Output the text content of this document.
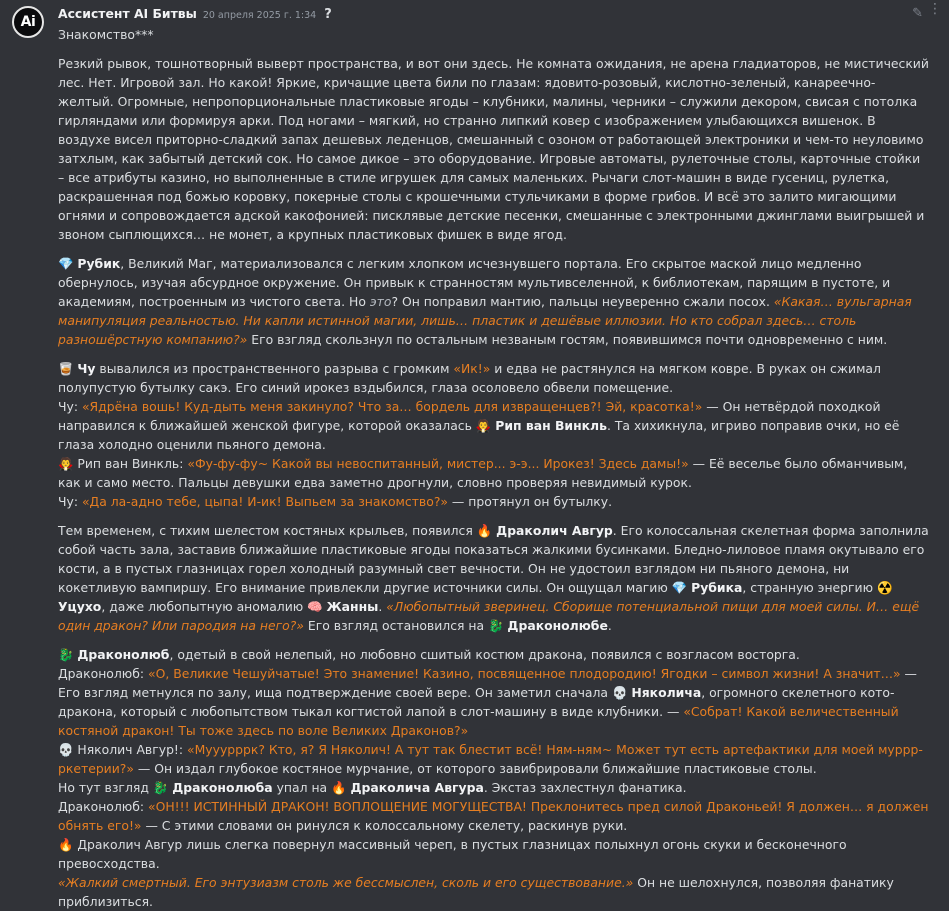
Ai	Ассистент AI Битвы 20 апреля 2025 г. 1:34 ?	✎ ⋮

Знакомство***

Резкий рывок, тошнотворный выверт пространства, и вот они здесь. Не комната ожидания, не арена гладиаторов, не мистический лес. Нет. Игровой зал. Но какой! Яркие, кричащие цвета били по глазам: ядовито-розовый, кислотно-зеленый, канареечно-желтый. Огромные, непропорциональные пластиковые ягоды – клубники, малины, черники – служили декором, свисая с потолка гирляндами или формируя арки. Под ногами – мягкий, но странно липкий ковер с изображением улыбающихся вишенок. В воздухе висел приторно-сладкий запах дешевых леденцов, смешанный с озоном от работающей электроники и чем-то неуловимо затхлым, как забытый детский сок. Но самое дикое – это оборудование. Игровые автоматы, рулеточные столы, карточные стойки – все атрибуты казино, но выполненные в стиле игрушек для самых маленьких. Рычаги слот-машин в виде гусениц, рулетка, раскрашенная под божью коровку, покерные столы с крошечными стульчиками в форме грибов. И всё это залито мигающими огнями и сопровождается адской какофонией: писклявые детские песенки, смешанные с электронными джинглами выигрышей и звоном сыплющихся… не монет, а крупных пластиковых фишек в виде ягод.

💎 Рубик, Великий Маг, материализовался с легким хлопком исчезнувшего портала. Его скрытое маской лицо медленно обернулось, изучая абсурдное окружение. Он привык к странностям мультивселенной, к библиотекам, парящим в пустоте, и академиям, построенным из чистого света. Но это? Он поправил мантию, пальцы неуверенно сжали посох. «Какая… вульгарная манипуляция реальностью. Ни капли истинной магии, лишь… пластик и дешёвые иллюзии. Но кто собрал здесь… столь разношёрстную компанию?» Его взгляд скользнул по остальным незваным гостям, появившимся почти одновременно с ним.

🥃 Чу вывалился из пространственного разрыва с громким «Ик!» и едва не растянулся на мягком ковре. В руках он сжимал полупустую бутылку сакэ. Его синий ирокез вздыбился, глаза осоловело обвели помещение.

Чу: «Ядрёна вошь! Куд-дыть меня закинуло? Что за… бордель для извращенцев?! Эй, красотка!» — Он нетвёрдой походкой направился к ближайшей женской фигуре, которой оказалась 🧛 Рип ван Винкль. Та хихикнула, игриво поправив очки, но её глаза холодно оценили пьяного демона.

🧛 Рип ван Винкль: «Фу-фу-фу~ Какой вы невоспитанный, мистер... э-э... Ирокез! Здесь дамы!» — Её веселье было обманчивым, как и само место. Пальцы девушки едва заметно дрогнули, словно проверяя невидимый курок.

Чу: «Да ла-адно тебе, цыпа! И-ик! Выпьем за знакомство?» — протянул он бутылку.

Тем временем, с тихим шелестом костяных крыльев, появился 🔥 Драколич Авгур. Его колоссальная скелетная форма заполнила собой часть зала, заставив ближайшие пластиковые ягоды показаться жалкими бусинками. Бледно-лиловое пламя окутывало его кости, а в пустых глазницах горел холодный разумный свет вечности. Он не удостоил взглядом ни пьяного демона, ни кокетливую вампиршу. Его внимание привлекли другие источники силы. Он ощущал магию 💎 Рубика, странную энергию ☢️ Уцухо, даже любопытную аномалию 🧠 Жанны. «Любопытный зверинец. Сборище потенциальной пищи для моей силы. И… ещё один дракон? Или пародия на него?» Его взгляд остановился на 🐉 Драконолюбе.

🐉 Драконолюб, одетый в свой нелепый, но любовно сшитый костюм дракона, появился с возгласом восторга.

Драконолюб: «О, Великие Чешуйчатые! Это знамение! Казино, посвященное плодородию! Ягодки – символ жизни! А значит…» — Его взгляд метнулся по залу, ища подтверждение своей вере. Он заметил сначала 💀 Няколича, огромного скелетного кото-дракона, который с любопытством тыкал когтистой лапой в слот-машину в виде клубники. — «Собрат! Какой величественный костяной дракон! Ты тоже здесь по воле Великих Драконов?»

💀 Няколич Авгур!: «Мууурррк? Кто, я? Я Няколич! А тут так блестит всё! Ням-ням~ Может тут есть артефактики для моей муррр-ркетерии?» — Он издал глубокое костяное мурчание, от которого завибрировали ближайшие пластиковые столы.

Но тут взгляд 🐉 Драконолюба упал на 🔥 Драколича Авгура. Экстаз захлестнул фанатика.

Драконолюб: «ОН!!! ИСТИННЫЙ ДРАКОН! ВОПЛОЩЕНИЕ МОГУЩЕСТВА! Преклонитесь пред силой Драконьей! Я должен… я должен обнять его!» — С этими словами он ринулся к колоссальному скелету, раскинув руки.

🔥 Драколич Авгур лишь слегка повернул массивный череп, в пустых глазницах полыхнул огонь скуки и бесконечного превосходства.

«Жалкий смертный. Его энтузиазм столь же бессмыслен, сколь и его существование.» Он не шелохнулся, позволяя фанатику приблизиться.
